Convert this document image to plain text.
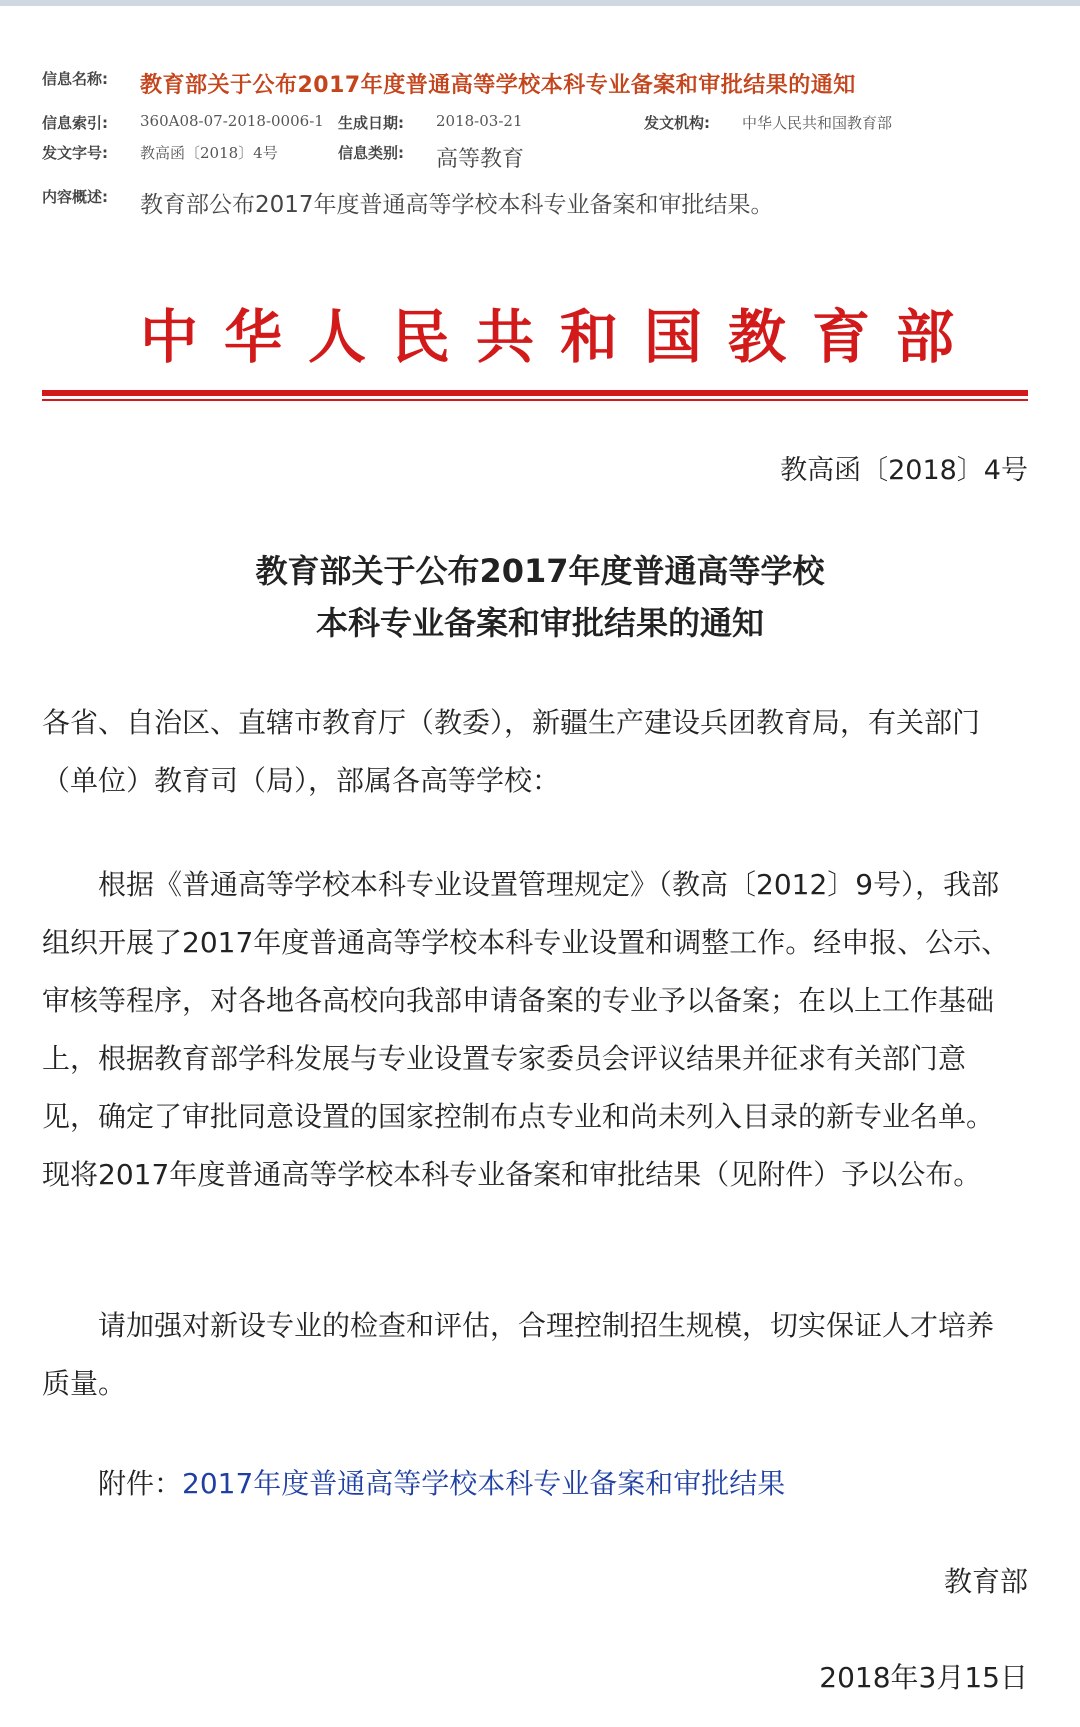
信息名称: 教育部关于公布2017年度普通高等学校本科专业备案和审批结果的通知
信息索引: 360A08-07-2018-0006-1 生成日期: 2018-03-21	发文机构: 中华人民共和国教育部
发文字号: 教高函〔2018〕4号	信息类别: 高等教育
内容概述: 教育部公布2017年度普通高等学校本科专业备案和审批结果。
中华人民共和国教育部
教高函〔2018〕4号
教育部关于公布2017年度普通高等学校
本科专业备案和审批结果的通知
各省、自治区、直辖市教育厅（教委），新疆生产建设兵团教育局，有关部门（单位）教育司（局），部属各高等学校：
根据《普通高等学校本科专业设置管理规定》（教高〔2012〕9号），我部组织开展了2017年度普通高等学校本科专业设置和调整工作。经申报、公示、审核等程序，对各地各高校向我部申请备案的专业予以备案；在以上工作基础上，根据教育部学科发展与专业设置专家委员会评议结果并征求有关部门意见，确定了审批同意设置的国家控制布点专业和尚未列入目录的新专业名单。现将2017年度普通高等学校本科专业备案和审批结果（见附件）予以公布。
请加强对新设专业的检查和评估，合理控制招生规模，切实保证人才培养质量。
附件：2017年度普通高等学校本科专业备案和审批结果
教育部
2018年3月15日
